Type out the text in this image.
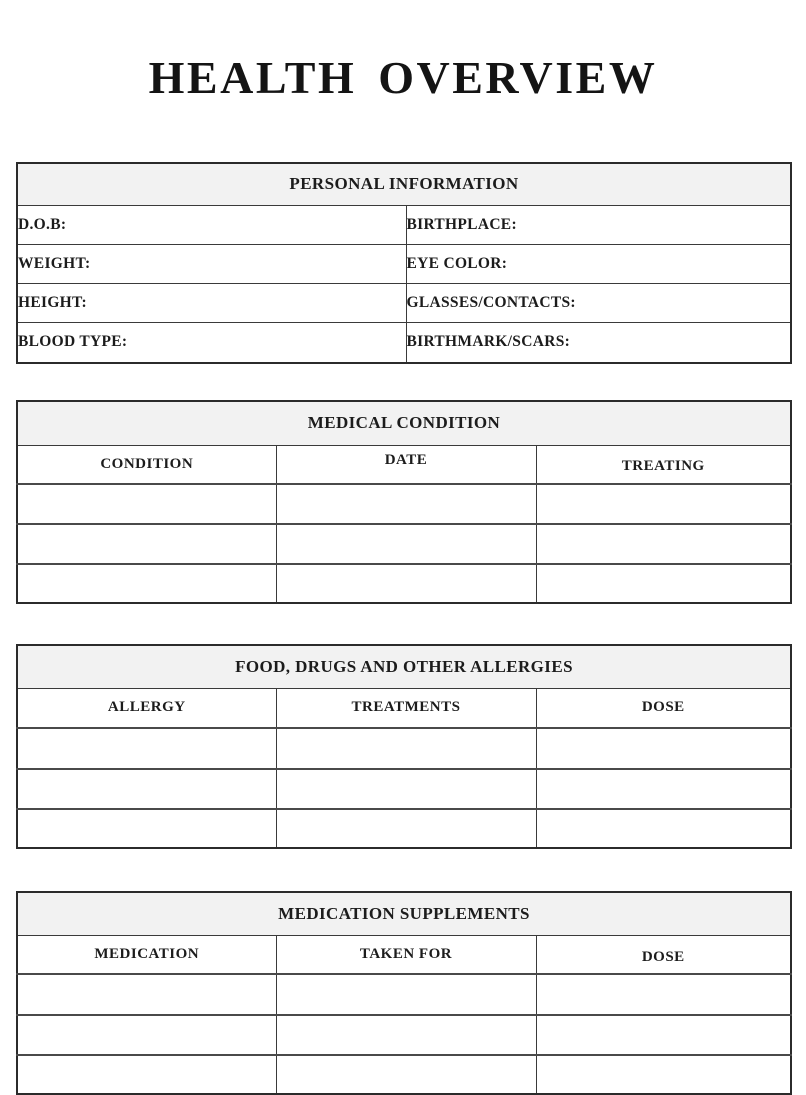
HEALTH OVERVIEW
PERSONAL INFORMATION	
D.O.B:	BIRTHPLACE:
WEIGHT:	EYE COLOR:
HEIGHT:	GLASSES/CONTACTS:
BLOOD TYPE:	BIRTHMARK/SCARS:
MEDICAL CONDITION		
CONDITION	DATE	TREATING

FOOD, DRUGS AND OTHER ALLERGIES		
ALLERGY	TREATMENTS	DOSE

MEDICATION SUPPLEMENTS		
MEDICATION	TAKEN FOR	DOSE
